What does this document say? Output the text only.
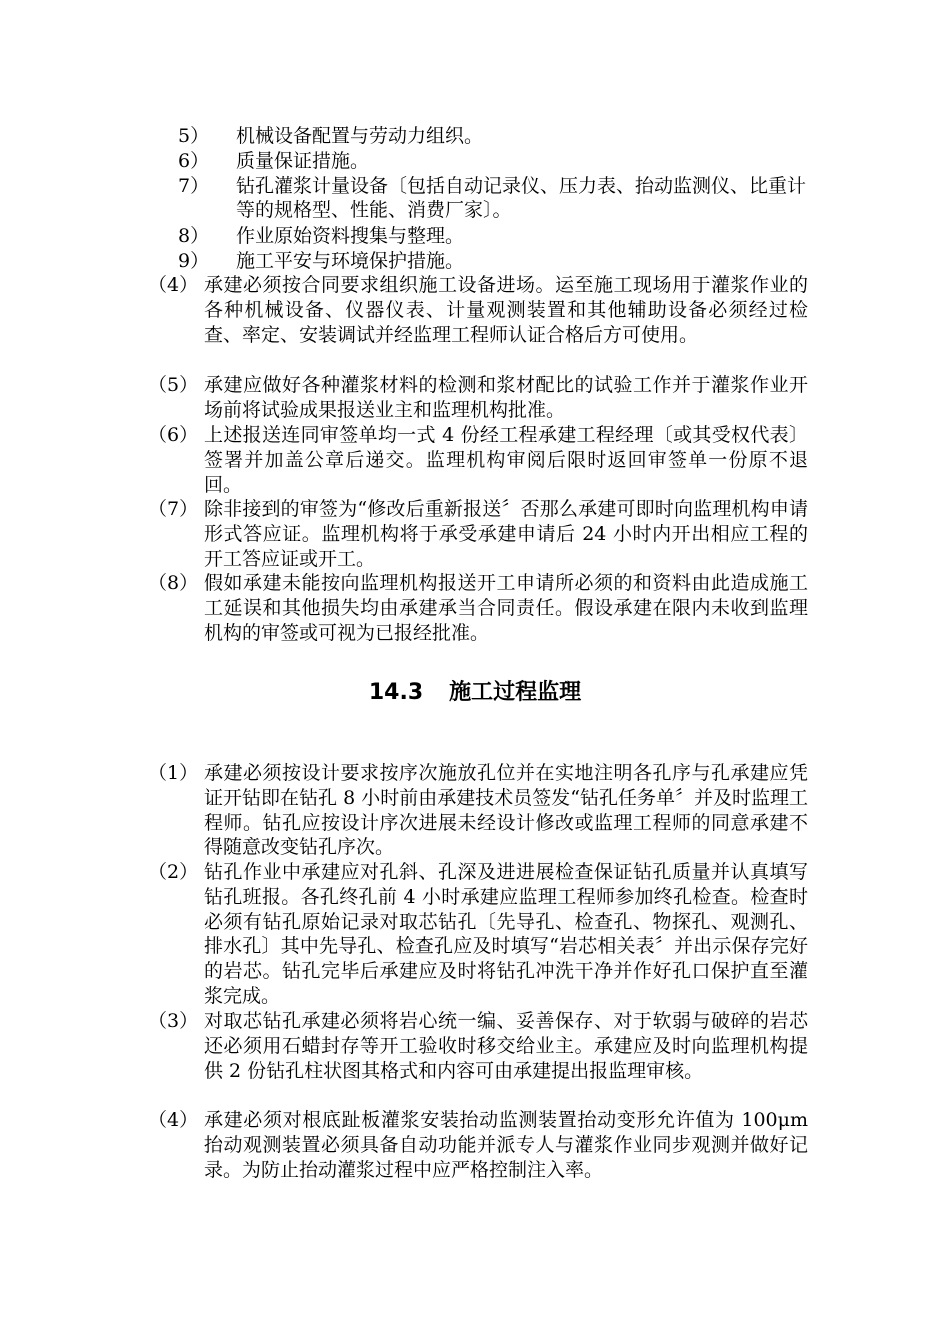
5）	机械设备配置与劳动力组织。
6）	质量保证措施。
7）	钻孔灌浆计量设备〔包括自动记录仪、压力表、抬动监测仪、比重计等的规格型、性能、消费厂家〕。
8）	作业原始资料搜集与整理。
9）	施工平安与环境保护措施。
（4） 承建必须按合同要求组织施工设备进场。运至施工现场用于灌浆作业的各种机械设备、仪器仪表、计量观测装置和其他辅助设备必须经过检查、率定、安装调试并经监理工程师认证合格后方可使用。
（5） 承建应做好各种灌浆材料的检测和浆材配比的试验工作并于灌浆作业开场前将试验成果报送业主和监理机构批准。
（6） 上述报送连同审签单均一式 4 份经工程承建工程经理〔或其受权代表〕签署并加盖公章后递交。监理机构审阅后限时返回审签单一份原不退回。
（7） 除非接到的审签为“修改后重新报送〞否那么承建可即时向监理机构申请形式答应证。监理机构将于承受承建申请后 24 小时内开出相应工程的开工答应证或开工。
（8） 假如承建未能按向监理机构报送开工申请所必须的和资料由此造成施工工延误和其他损失均由承建承当合同责任。假设承建在限内未收到监理机构的审签或可视为已报经批准。
14.3 施工过程监理
（1） 承建必须按设计要求按序次施放孔位并在实地注明各孔序与孔承建应凭证开钻即在钻孔 8 小时前由承建技术员签发“钻孔任务单〞并及时监理工程师。钻孔应按设计序次进展未经设计修改或监理工程师的同意承建不得随意改变钻孔序次。
（2） 钻孔作业中承建应对孔斜、孔深及进进展检查保证钻孔质量并认真填写钻孔班报。各孔终孔前 4 小时承建应监理工程师参加终孔检查。检查时必须有钻孔原始记录对取芯钻孔〔先导孔、检查孔、物探孔、观测孔、排水孔〕其中先导孔、检查孔应及时填写“岩芯相关表〞并出示保存完好的岩芯。钻孔完毕后承建应及时将钻孔冲洗干净并作好孔口保护直至灌浆完成。
（3） 对取芯钻孔承建必须将岩心统一编、妥善保存、对于软弱与破碎的岩芯还必须用石蜡封存等开工验收时移交给业主。承建应及时向监理机构提供 2 份钻孔柱状图其格式和内容可由承建提出报监理审核。
（4） 承建必须对根底趾板灌浆安装抬动监测装置抬动变形允许值为 100μm 抬动观测装置必须具备自动功能并派专人与灌浆作业同步观测并做好记录。为防止抬动灌浆过程中应严格控制注入率。
